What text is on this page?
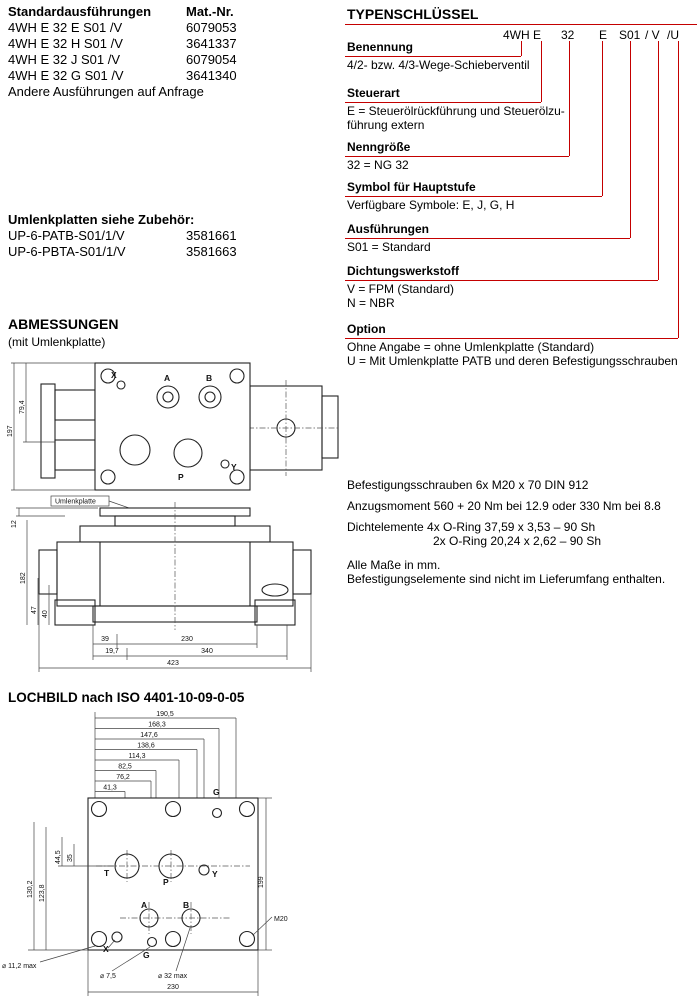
Standardausführungen	Mat.-Nr.
4WH E 32 E S01 /V	6079053
4WH E 32 H S01 /V	3641337
4WH E 32 J S01 /V	6079054
4WH E 32 G S01 /V	3641340
Andere Ausführungen auf Anfrage
Umlenkplatten siehe Zubehör:
UP-6-PATB-S01/1/V	3581661
UP-6-PBTA-S01/1/V	3581663
ABMESSUNGEN
(mit Umlenkplatte)
X	A	B
P
Y
197
79,4
Umlenkplatte
12
182
47
40
39	230
19,7	340
423
LOCHBILD nach ISO 4401-10-09-0-05
190,5
168,3
147,6
138,6
114,3
82,5
76,2
41,3
T
P
Y
A	B
X
G
G
130,2 123,8
44,5 35
199
M20
⌀ 11,2 max
⌀ 7,5	⌀ 32 max
230
TYPENSCHLÜSSEL
4WH E 32 E S01 / V /U
Benennung
4/2- bzw. 4/3-Wege-Schieberventil
Steuerart
E = Steuerölrückführung und Steuerölzu-
führung extern
Nenngröße
32 = NG 32
Symbol für Hauptstufe
Verfügbare Symbole: E, J, G, H
Ausführungen
S01 = Standard
Dichtungswerkstoff
V = FPM (Standard)
N = NBR
Option
Ohne Angabe = ohne Umlenkplatte (Standard)
U = Mit Umlenkplatte PATB und deren Befestigungsschrauben
Befestigungsschrauben 6x M20 x 70 DIN 912
Anzugsmoment 560 + 20 Nm bei 12.9 oder 330 Nm bei 8.8
Dichtelemente 4x O-Ring 37,59 x 3,53 – 90 Sh
2x O-Ring 20,24 x 2,62 – 90 Sh
Alle Maße in mm.
Befestigungselemente sind nicht im Lieferumfang enthalten.
